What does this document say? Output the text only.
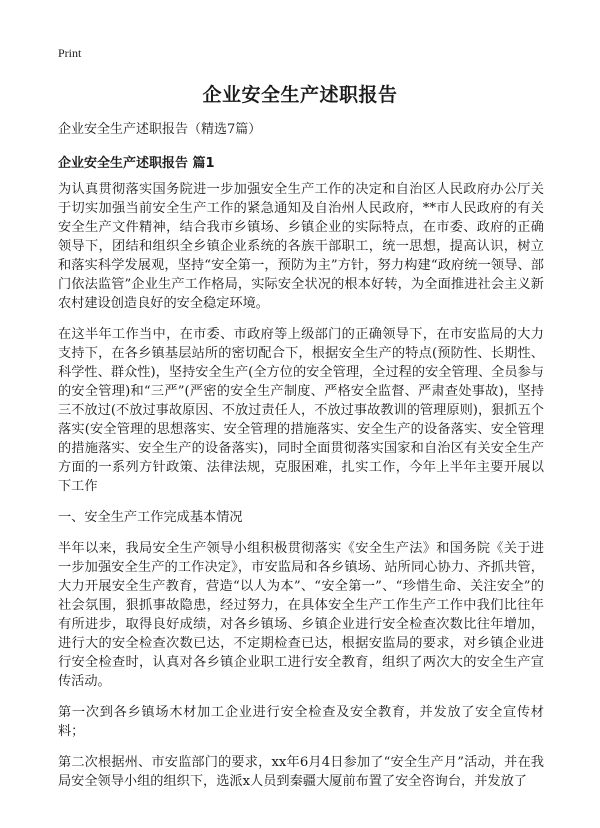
Print
企业安全生产述职报告

企业安全生产述职报告（精选7篇）

企业安全生产述职报告 篇1

为认真贯彻落实国务院进一步加强安全生产工作的决定和自治区人民政府办公厅关于切实加强当前安全生产工作的紧急通知及自治州人民政府，**市人民政府的有关安全生产文件精神，结合我市乡镇场、乡镇企业的实际特点，在市委、政府的正确领导下，团结和组织全乡镇企业系统的各族干部职工，统一思想，提高认识，树立和落实科学发展观，坚持“安全第一，预防为主”方针，努力构建“政府统一领导、部门依法监管”企业生产工作格局，实际安全状况的根本好转，为全面推进社会主义新农村建设创造良好的安全稳定环境。

在这半年工作当中，在市委、市政府等上级部门的正确领导下，在市安监局的大力支持下，在各乡镇基层站所的密切配合下，根据安全生产的特点(预防性、长期性、科学性、群众性)，坚持安全生产(全方位的安全管理，全过程的安全管理、全员参与的安全管理)和“三严”(严密的安全生产制度、严格安全监督、严肃查处事故)，坚持三不放过(不放过事故原因、不放过责任人，不放过事故教训的管理原则)，狠抓五个落实(安全管理的思想落实、安全管理的措施落实、安全生产的设备落实、安全管理的措施落实、安全生产的设备落实)，同时全面贯彻落实国家和自治区有关安全生产方面的一系列方针政策、法律法规，克服困难，扎实工作，今年上半年主要开展以下工作

一、安全生产工作完成基本情况

半年以来，我局安全生产领导小组积极贯彻落实《安全生产法》和国务院《关于进一步加强安全生产的工作决定》，市安监局和各乡镇场、站所同心协力、齐抓共管，大力开展安全生产教育，营造“以人为本”、“安全第一”、“珍惜生命、关注安全”的社会氛围，狠抓事故隐患，经过努力，在具体安全生产工作生产工作中我们比往年有所进步，取得良好成绩，对各乡镇场、乡镇企业进行安全检查次数比往年增加，进行大的安全检查次数已达，不定期检查已达，根据安监局的要求，对乡镇企业进行安全检查时，认真对各乡镇企业职工进行安全教育，组织了两次大的安全生产宣传活动。

第一次到各乡镇场木材加工企业进行安全检查及安全教育，并发放了安全宣传材料；

第二次根据州、市安监部门的要求，xx年6月4日参加了“安全生产月”活动，并在我局安全领导小组的组织下，选派x人员到秦疆大厦前布置了安全咨询台，并发放了
